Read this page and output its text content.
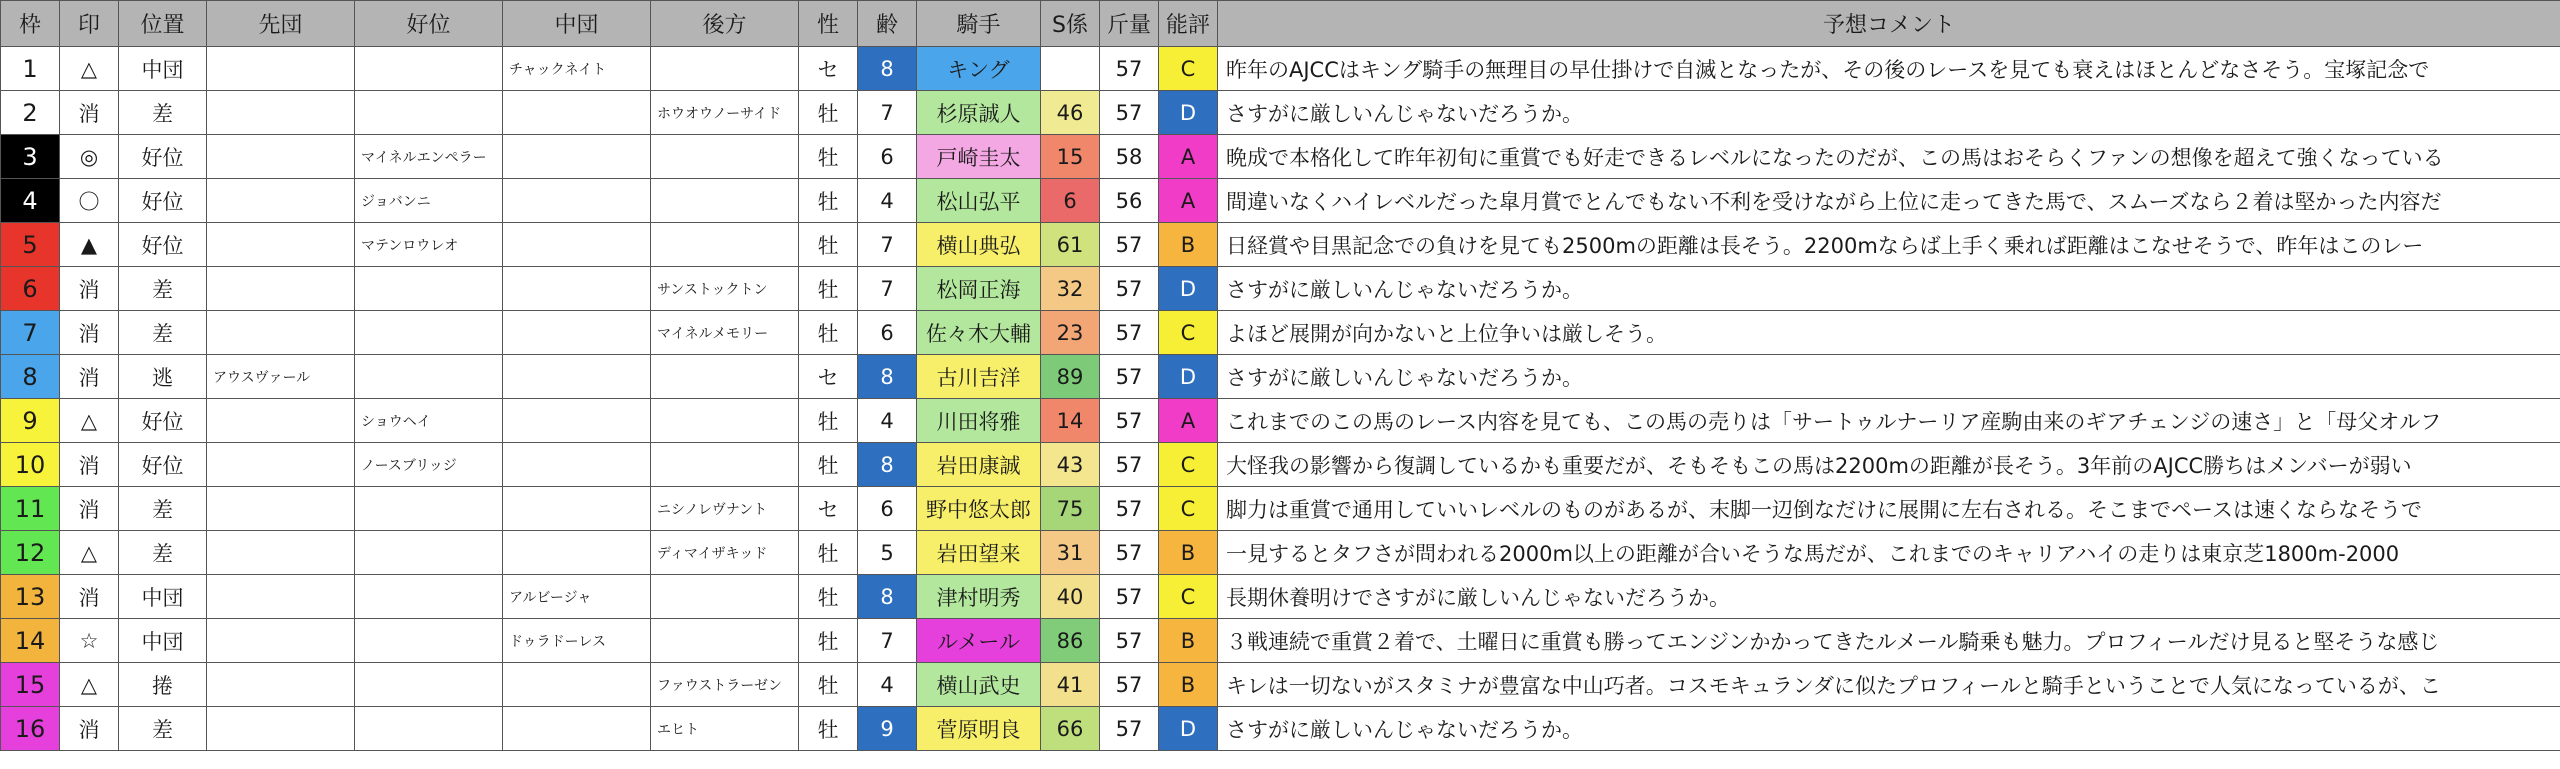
枠	印	位置	先団	好位	中団	後方	性	齢	騎手	S係	斤量	能評	予想コメント
1	△	中団			チャックネイト		セ	8	キング		57	C	昨年のAJCCはキング騎手の無理目の早仕掛けで自滅となったが、その後のレースを見ても衰えはほとんどなさそう。宝塚記念で
2	消	差				ホウオウノーサイド	牡	7	杉原誠人	46	57	D	さすがに厳しいんじゃないだろうか。
3	◎	好位		マイネルエンペラー			牡	6	戸崎圭太	15	58	A	晩成で本格化して昨年初旬に重賞でも好走できるレベルになったのだが、この馬はおそらくファンの想像を超えて強くなっている
4	〇	好位		ジョバンニ			牡	4	松山弘平	6	56	A	間違いなくハイレベルだった皐月賞でとんでもない不利を受けながら上位に走ってきた馬で、スムーズなら２着は堅かった内容だ
5	▲	好位		マテンロウレオ			牡	7	横山典弘	61	57	B	日経賞や目黒記念での負けを見ても2500mの距離は長そう。2200mならば上手く乗れば距離はこなせそうで、昨年はこのレー
6	消	差				サンストックトン	牡	7	松岡正海	32	57	D	さすがに厳しいんじゃないだろうか。
7	消	差				マイネルメモリー	牡	6	佐々木大輔	23	57	C	よほど展開が向かないと上位争いは厳しそう。
8	消	逃	アウスヴァール				セ	8	古川吉洋	89	57	D	さすがに厳しいんじゃないだろうか。
9	△	好位		ショウヘイ			牡	4	川田将雅	14	57	A	これまでのこの馬のレース内容を見ても、この馬の売りは「サートゥルナーリア産駒由来のギアチェンジの速さ」と「母父オルフ
10	消	好位		ノースブリッジ			牡	8	岩田康誠	43	57	C	大怪我の影響から復調しているかも重要だが、そもそもこの馬は2200mの距離が長そう。3年前のAJCC勝ちはメンバーが弱い
11	消	差				ニシノレヴナント	セ	6	野中悠太郎	75	57	C	脚力は重賞で通用していいレベルのものがあるが、末脚一辺倒なだけに展開に左右される。そこまでペースは速くならなそうで
12	△	差				ディマイザキッド	牡	5	岩田望来	31	57	B	一見するとタフさが問われる2000m以上の距離が合いそうな馬だが、これまでのキャリアハイの走りは東京芝1800m-2000
13	消	中団			アルビージャ		牡	8	津村明秀	40	57	C	長期休養明けでさすがに厳しいんじゃないだろうか。
14	☆	中団			ドゥラドーレス		牡	7	ルメール	86	57	B	３戦連続で重賞２着で、土曜日に重賞も勝ってエンジンかかってきたルメール騎乗も魅力。プロフィールだけ見ると堅そうな感じ
15	△	捲				ファウストラーゼン	牡	4	横山武史	41	57	B	キレは一切ないがスタミナが豊富な中山巧者。コスモキュランダに似たプロフィールと騎手ということで人気になっているが、こ
16	消	差				エヒト	牡	9	菅原明良	66	57	D	さすがに厳しいんじゃないだろうか。
